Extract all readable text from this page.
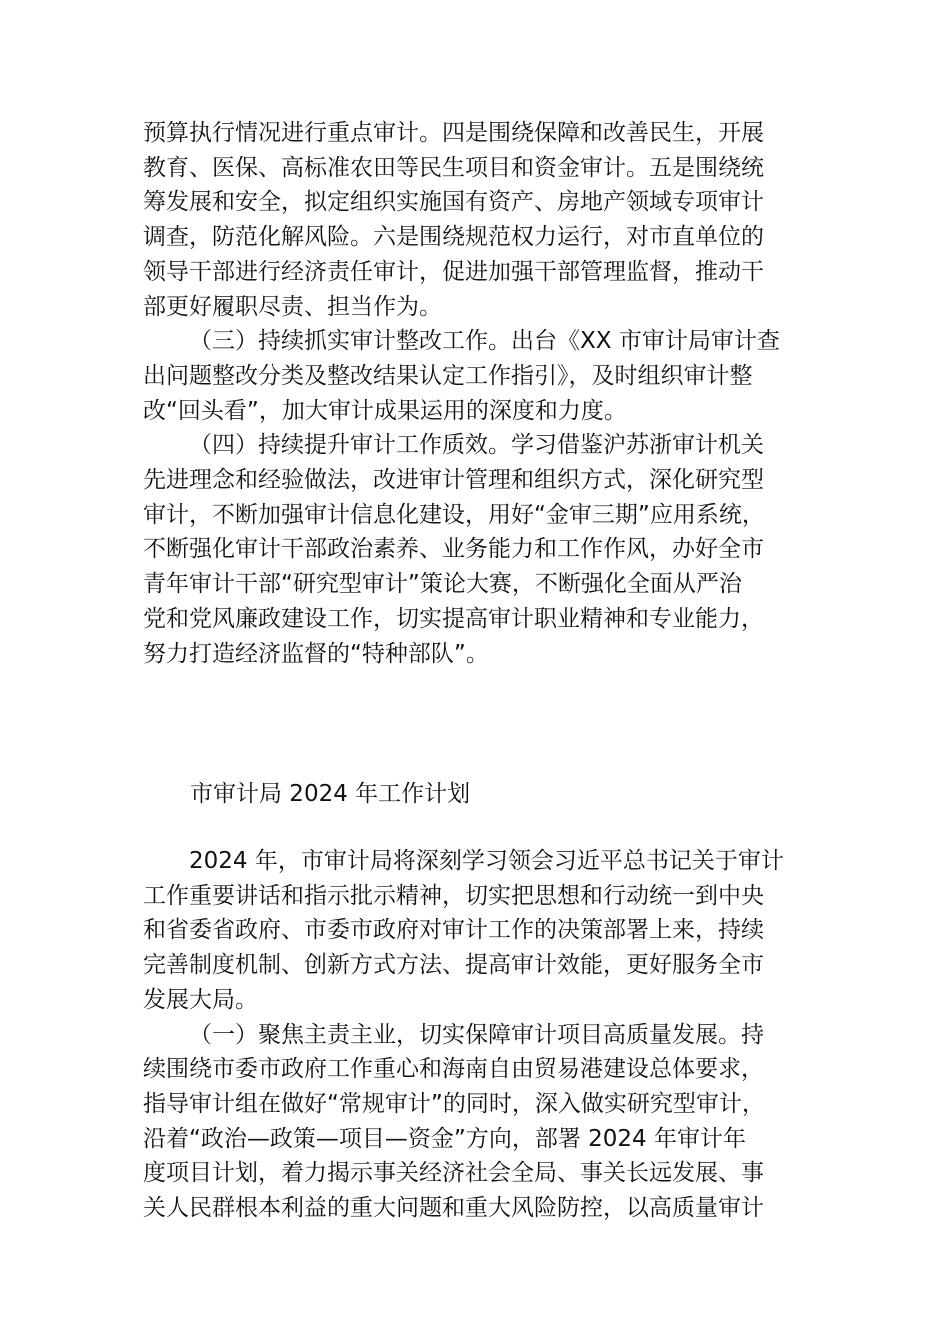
预算执行情况进行重点审计。四是围绕保障和改善民生，开展
教育、医保、高标准农田等民生项目和资金审计。五是围绕统
筹发展和安全，拟定组织实施国有资产、房地产领域专项审计
调查，防范化解风险。六是围绕规范权力运行，对市直单位的
领导干部进行经济责任审计，促进加强干部管理监督，推动干
部更好履职尽责、担当作为。

（三）持续抓实审计整改工作。出台《XX 市审计局审计查
出问题整改分类及整改结果认定工作指引》，及时组织审计整
改“回头看”，加大审计成果运用的深度和力度。

（四）持续提升审计工作质效。学习借鉴沪苏浙审计机关
先进理念和经验做法，改进审计管理和组织方式，深化研究型
审计，不断加强审计信息化建设，用好“金审三期”应用系统，
不断强化审计干部政治素养、业务能力和工作作风，办好全市
青年审计干部“研究型审计”策论大赛，不断强化全面从严治
党和党风廉政建设工作，切实提高审计职业精神和专业能力，
努力打造经济监督的“特种部队”。

市审计局 2024 年工作计划

2024 年，市审计局将深刻学习领会习近平总书记关于审计
工作重要讲话和指示批示精神，切实把思想和行动统一到中央
和省委省政府、市委市政府对审计工作的决策部署上来，持续
完善制度机制、创新方式方法、提高审计效能，更好服务全市
发展大局。

（一）聚焦主责主业，切实保障审计项目高质量发展。持
续围绕市委市政府工作重心和海南自由贸易港建设总体要求，
指导审计组在做好“常规审计”的同时，深入做实研究型审计，
沿着“政治—政策—项目—资金”方向，部署 2024 年审计年
度项目计划，着力揭示事关经济社会全局、事关长远发展、事
关人民群根本利益的重大问题和重大风险防控，以高质量审计
